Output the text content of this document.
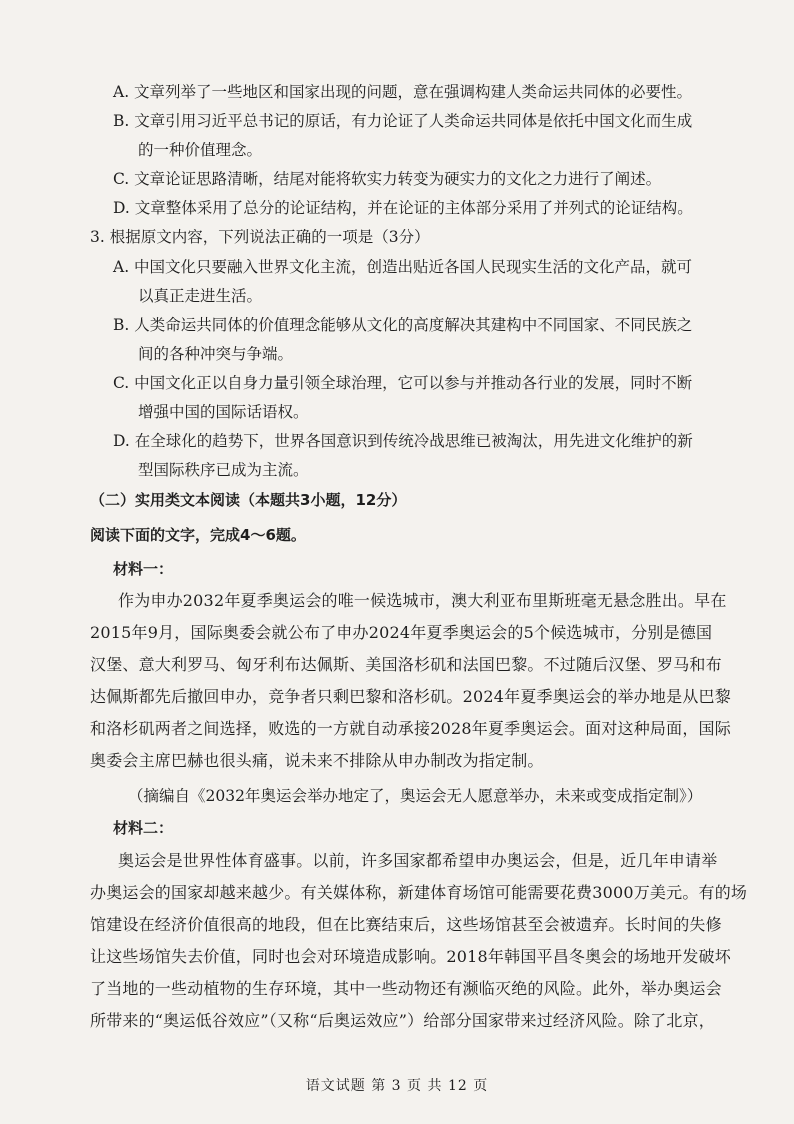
A. 文章列举了一些地区和国家出现的问题，意在强调构建人类命运共同体的必要性。
B. 文章引用习近平总书记的原话，有力论证了人类命运共同体是依托中国文化而生成
的一种价值理念。
C. 文章论证思路清晰，结尾对能将软实力转变为硬实力的文化之力进行了阐述。
D. 文章整体采用了总分的论证结构，并在论证的主体部分采用了并列式的论证结构。
3. 根据原文内容，下列说法正确的一项是（3分）
A. 中国文化只要融入世界文化主流，创造出贴近各国人民现实生活的文化产品，就可
以真正走进生活。
B. 人类命运共同体的价值理念能够从文化的高度解决其建构中不同国家、不同民族之
间的各种冲突与争端。
C. 中国文化正以自身力量引领全球治理，它可以参与并推动各行业的发展，同时不断
增强中国的国际话语权。
D. 在全球化的趋势下，世界各国意识到传统冷战思维已被淘汰，用先进文化维护的新
型国际秩序已成为主流。
（二）实用类文本阅读（本题共3小题，12分）
阅读下面的文字，完成4～6题。
材料一：
作为申办2032年夏季奥运会的唯一候选城市，澳大利亚布里斯班毫无悬念胜出。早在
2015年9月，国际奥委会就公布了申办2024年夏季奥运会的5个候选城市，分别是德国
汉堡、意大利罗马、匈牙利布达佩斯、美国洛杉矶和法国巴黎。不过随后汉堡、罗马和布
达佩斯都先后撤回申办，竞争者只剩巴黎和洛杉矶。2024年夏季奥运会的举办地是从巴黎
和洛杉矶两者之间选择，败选的一方就自动承接2028年夏季奥运会。面对这种局面，国际
奥委会主席巴赫也很头痛，说未来不排除从申办制改为指定制。
（摘编自《2032年奥运会举办地定了，奥运会无人愿意举办，未来或变成指定制》）
材料二：
奥运会是世界性体育盛事。以前，许多国家都希望申办奥运会，但是，近几年申请举
办奥运会的国家却越来越少。有关媒体称，新建体育场馆可能需要花费3000万美元。有的场
馆建设在经济价值很高的地段，但在比赛结束后，这些场馆甚至会被遗弃。长时间的失修
让这些场馆失去价值，同时也会对环境造成影响。2018年韩国平昌冬奥会的场地开发破坏
了当地的一些动植物的生存环境，其中一些动物还有濒临灭绝的风险。此外，举办奥运会
所带来的“奥运低谷效应”（又称“后奥运效应”）给部分国家带来过经济风险。除了北京，
语文试题 第 3 页 共 12 页
